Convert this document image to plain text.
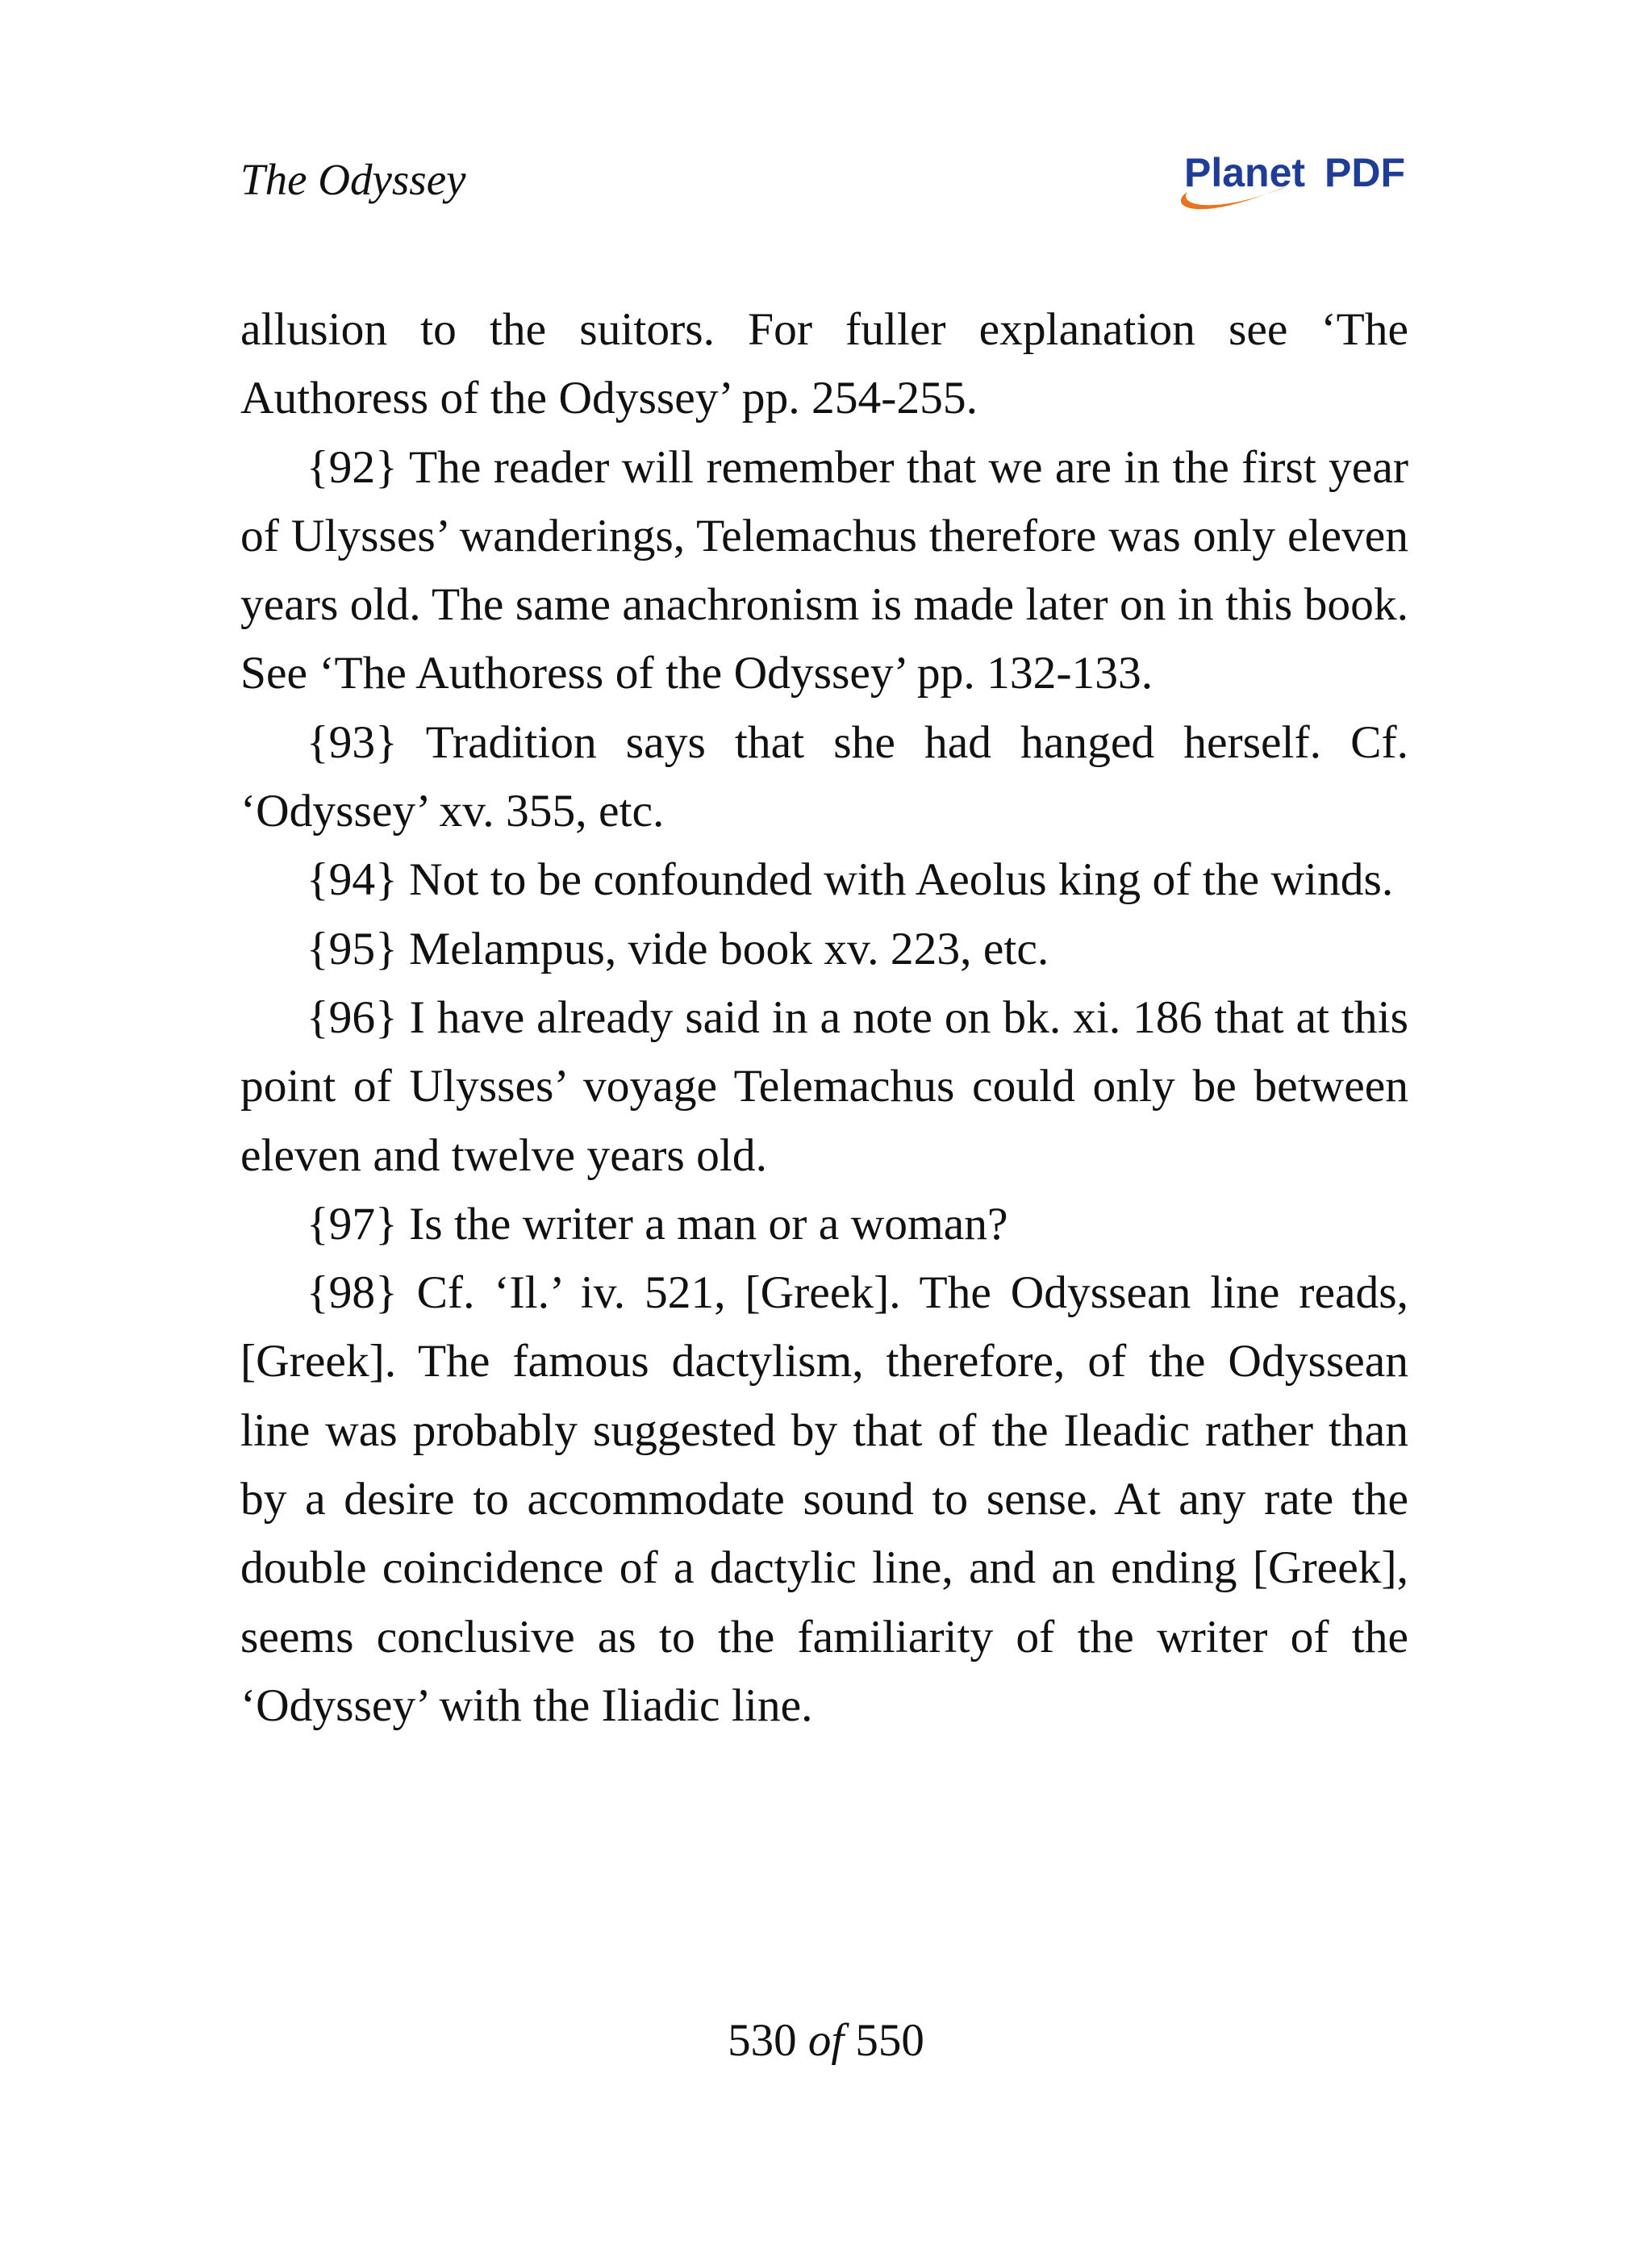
The Odyssey	Planet PDF

allusion to the suitors. For fuller explanation see ‘The Authoress of the Odyssey’ pp. 254-255.

{92} The reader will remember that we are in the first year of Ulysses’ wanderings, Telemachus therefore was only eleven years old. The same anachronism is made later on in this book. See ‘The Authoress of the Odyssey’ pp. 132-133.

{93} Tradition says that she had hanged herself. Cf. ‘Odyssey’ xv. 355, etc.

{94} Not to be confounded with Aeolus king of the winds.

{95} Melampus, vide book xv. 223, etc.

{96} I have already said in a note on bk. xi. 186 that at this point of Ulysses’ voyage Telemachus could only be between eleven and twelve years old.

{97} Is the writer a man or a woman?

{98} Cf. ‘Il.’ iv. 521, [Greek]. The Odyssean line reads, [Greek]. The famous dactylism, therefore, of the Odyssean line was probably suggested by that of the Ileadic rather than by a desire to accommodate sound to sense. At any rate the double coincidence of a dactylic line, and an ending [Greek], seems conclusive as to the familiarity of the writer of the ‘Odyssey’ with the Iliadic line.

530 of 550
